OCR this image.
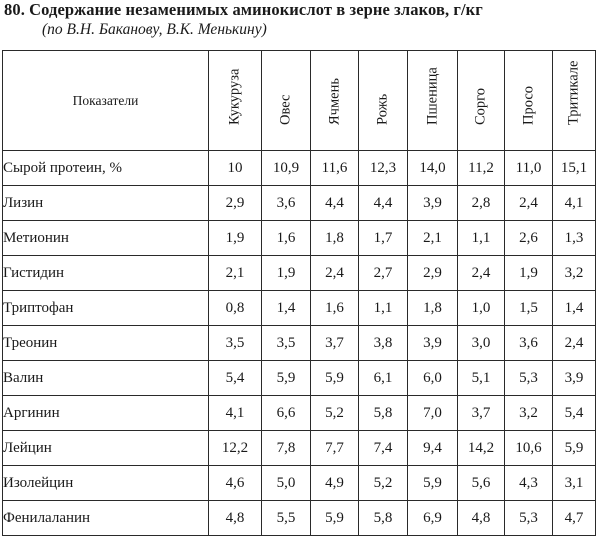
80. Содержание незаменимых аминокислот в зерне злаков, г/кг
(по В.Н. Баканову, В.К. Менькину)
Показатели	Кукуруза	Овес	Ячмень	Рожь	Пшеница	Сорго	Просо	Тритикале

Сырой протеин, %	10	10,9	11,6	12,3	14,0	11,2	11,0	15,1
Лизин	2,9	3,6	4,4	4,4	3,9	2,8	2,4	4,1
Метионин	1,9	1,6	1,8	1,7	2,1	1,1	2,6	1,3
Гистидин	2,1	1,9	2,4	2,7	2,9	2,4	1,9	3,2
Триптофан	0,8	1,4	1,6	1,1	1,8	1,0	1,5	1,4
Треонин	3,5	3,5	3,7	3,8	3,9	3,0	3,6	2,4
Валин	5,4	5,9	5,9	6,1	6,0	5,1	5,3	3,9
Аргинин	4,1	6,6	5,2	5,8	7,0	3,7	3,2	5,4
Лейцин	12,2	7,8	7,7	7,4	9,4	14,2	10,6	5,9
Изолейцин	4,6	5,0	4,9	5,2	5,9	5,6	4,3	3,1
Фенилаланин	4,8	5,5	5,9	5,8	6,9	4,8	5,3	4,7
